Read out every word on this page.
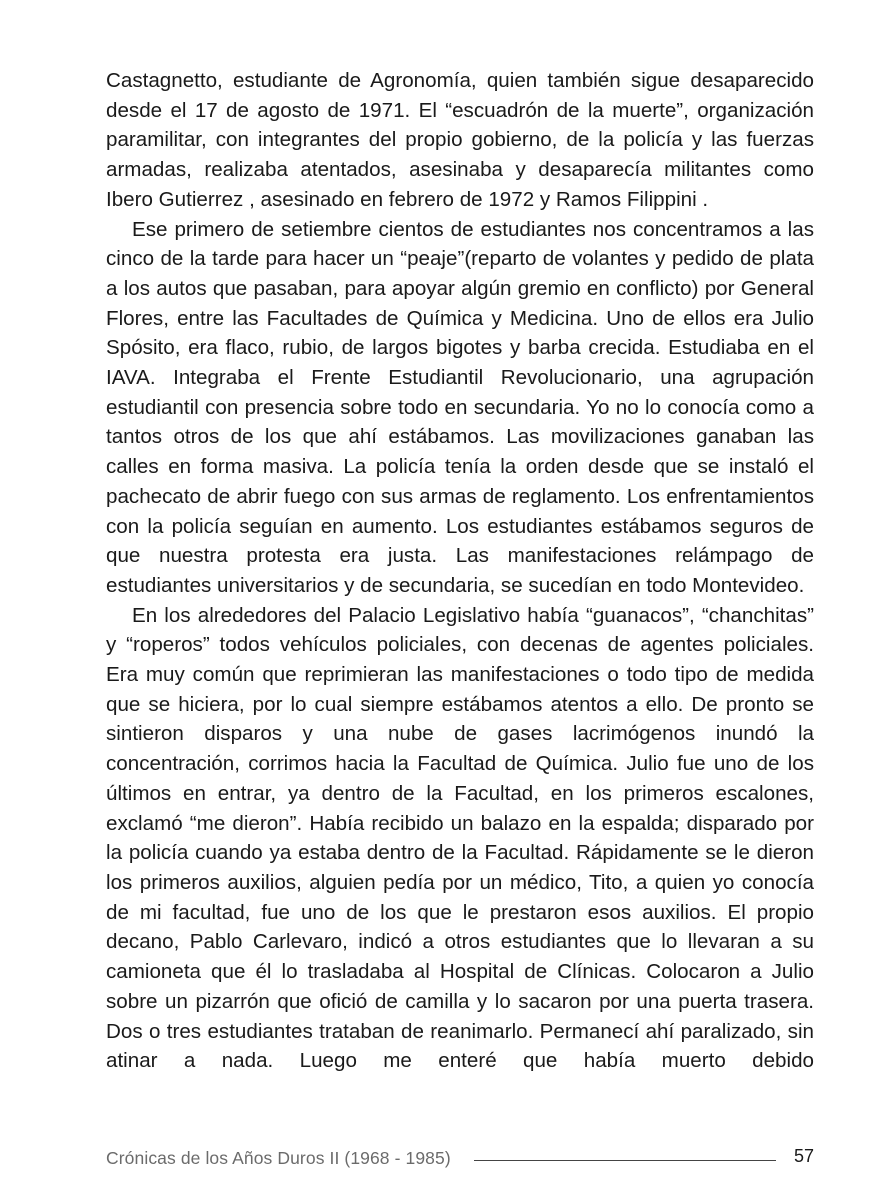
Castagnetto, estudiante de Agronomía, quien también sigue desaparecido desde el 17 de agosto de 1971. El “escuadrón de la muerte”, organización paramilitar, con integrantes del propio gobierno, de la policía y las fuerzas armadas, realizaba atentados, asesinaba y desaparecía militantes como Ibero Gutierrez , asesinado en febrero de 1972 y Ramos Filippini .

Ese primero de setiembre cientos de estudiantes nos concentramos a las cinco de la tarde para hacer un “peaje”(reparto de volantes y pedido de plata a los autos que pasaban, para apoyar algún gremio en conflicto) por General Flores, entre las Facultades de Química y Medicina. Uno de ellos era Julio Spósito, era flaco, rubio, de largos bigotes y barba crecida. Estudiaba en el IAVA. Integraba el Frente Estudiantil Revolucionario, una agrupación estudiantil con presencia sobre todo en secundaria. Yo no lo conocía como a tantos otros de los que ahí estábamos. Las movilizaciones ganaban las calles en forma masiva. La policía tenía la orden desde que se instaló el pachecato de abrir fuego con sus armas de reglamento. Los enfrentamientos con la policía seguían en aumento. Los estudiantes estábamos seguros de que nuestra protesta era justa. Las manifestaciones relámpago de estudiantes universitarios y de secundaria, se sucedían en todo Montevideo.

En los alrededores del Palacio Legislativo había “guanacos”, “chanchitas” y “roperos” todos vehículos policiales, con decenas de agentes policiales. Era muy común que reprimieran las manifestaciones o todo tipo de medida que se hiciera, por lo cual siempre estábamos atentos a ello. De pronto se sintieron disparos y una nube de gases lacrimógenos inundó la concentración, corrimos hacia la Facultad de Química. Julio fue uno de los últimos en entrar, ya dentro de la Facultad, en los primeros escalones, exclamó “me dieron”. Había recibido un balazo en la espalda; disparado por la policía cuando ya estaba dentro de la Facultad. Rápidamente se le dieron los primeros auxilios, alguien pedía por un médico, Tito, a quien yo conocía de mi facultad, fue uno de los que le prestaron esos auxilios. El propio decano, Pablo Carlevaro, indicó a otros estudiantes que lo llevaran a su camioneta que él lo trasladaba al Hospital de Clínicas. Colocaron a Julio sobre un pizarrón que ofició de camilla y lo sacaron por una puerta trasera. Dos o tres estudiantes trataban de reanimarlo. Permanecí ahí paralizado, sin atinar a nada. Luego me enteré que había muerto debido

Crónicas de los Años Duros II (1968 - 1985)	57
